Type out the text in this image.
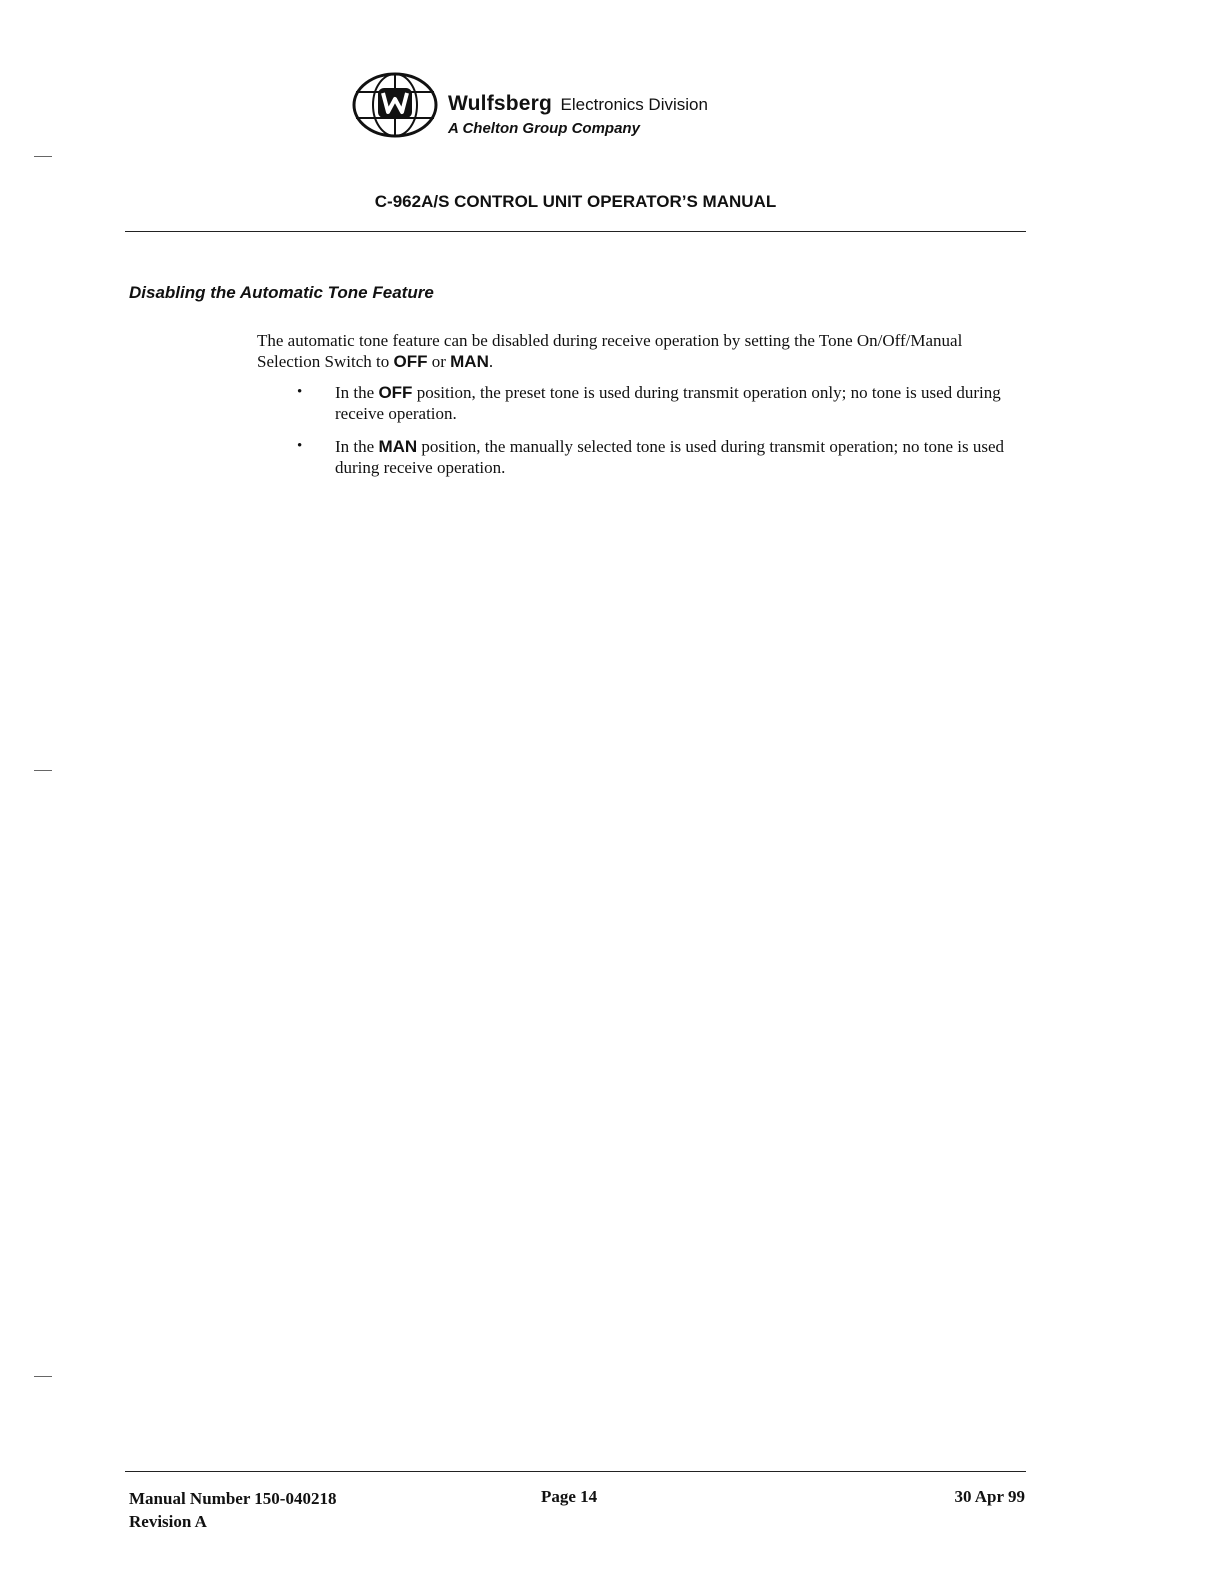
Wulfsberg Electronics Division
A Chelton Group Company
C-962A/S CONTROL UNIT OPERATOR’S MANUAL
Disabling the Automatic Tone Feature

The automatic tone feature can be disabled during receive operation by setting the Tone On/Off/Manual Selection Switch to OFF or MAN.

• In the OFF position, the preset tone is used during transmit operation only; no tone is used during receive operation.
• In the MAN position, the manually selected tone is used during transmit operation; no tone is used during receive operation.
Manual Number 150-040218
Revision A
Page 14	30 Apr 99
